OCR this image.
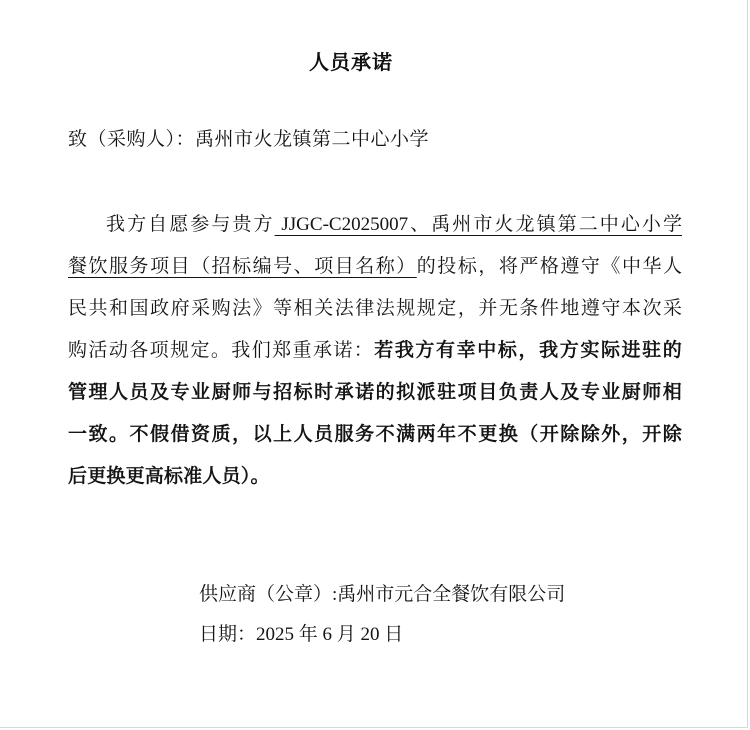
人员承诺
致（采购人）：禹州市火龙镇第二中心小学

我方自愿参与贵方 JJGC-C2025007、禹州市火龙镇第二中心小学

餐饮服务项目（招标编号、项目名称）的投标，将严格遵守《中华人

民共和国政府采购法》等相关法律法规规定，并无条件地遵守本次采

购活动各项规定。我们郑重承诺：若我方有幸中标，我方实际进驻的

管理人员及专业厨师与招标时承诺的拟派驻项目负责人及专业厨师相

一致。不假借资质，以上人员服务不满两年不更换（开除除外，开除

后更换更高标准人员）。

供应商（公章）:禹州市元合全餐饮有限公司

日期：2025 年 6 月 20 日
